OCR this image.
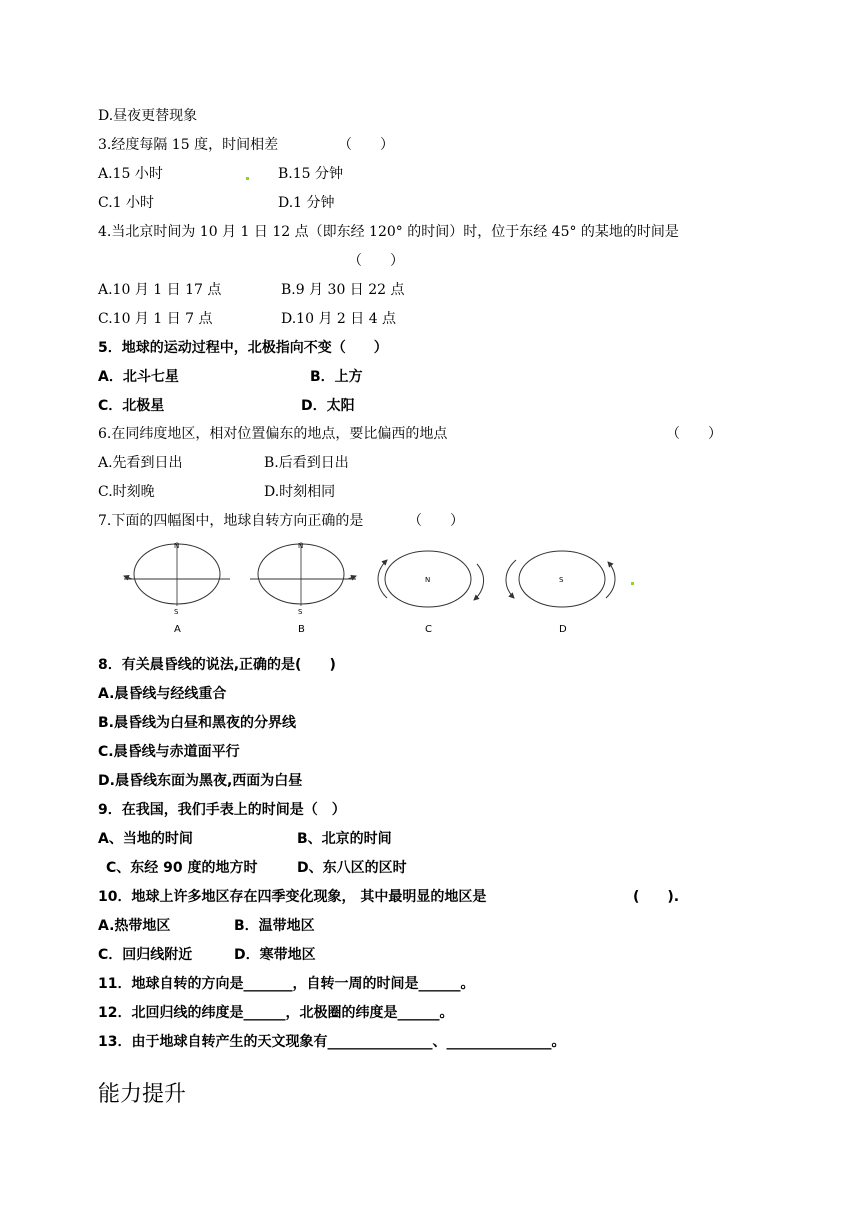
D.昼夜更替现象
3.经度每隔 15 度，时间相差	（　　）
A.15 小时	B.15 分钟
C.1 小时	D.1 分钟
4.当北京时间为 10 月 1 日 12 点（即东经 120° 的时间）时，位于东经 45° 的某地的时间是
（　　）
A.10 月 1 日 17 点	B.9 月 30 日 22 点
C.10 月 1 日 7 点	D.10 月 2 日 4 点
5．地球的运动过程中，北极指向不变（　　）
A．北斗七星	B．上方
C．北极星	D．太阳
6.在同纬度地区，相对位置偏东的地点，要比偏西的地点	（　　）
A.先看到日出	B.后看到日出
C.时刻晚	D.时刻相同
7.下面的四幅图中，地球自转方向正确的是	（　　）
N
S
A
N
S
B
N
C
S
D
8．有关晨昏线的说法,正确的是(　　)
A.晨昏线与经线重合
B.晨昏线为白昼和黑夜的分界线
C.晨昏线与赤道面平行
D.晨昏线东面为黑夜,西面为白昼
9．在我国，我们手表上的时间是（　）
A、当地的时间	B、北京的时间
C、东经 90 度的地方时	D、东八区的区时
10．地球上许多地区存在四季变化现象， 其中最明显的地区是	(　　).
A.热带地区	B．温带地区
C．回归线附近	D．寒带地区
11．地球自转的方向是_______，自转一周的时间是______。
12．北回归线的纬度是______，北极圈的纬度是______。
13．由于地球自转产生的天文现象有_______________、_______________。
能力提升
